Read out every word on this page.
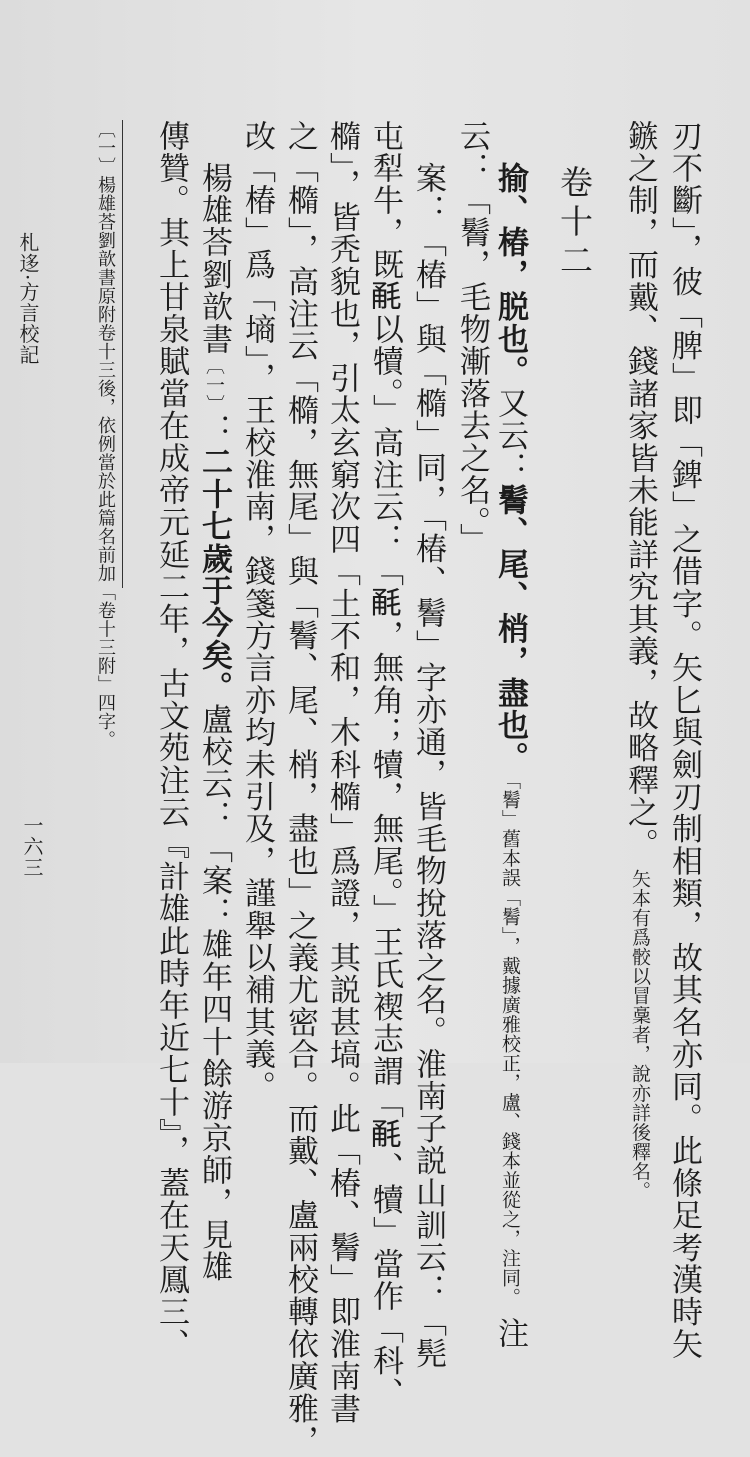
刃不斷」，彼「脾」即「錍」之借字。矢匕與劍刃制相類，故其名亦同。此條足考漢時矢
鏃之制，而戴、錢諸家皆未能詳究其義，故略釋之。矢本有爲骹以冒稾者，說亦詳後釋名。
卷十二
揄、椿，脱也。又云：鬌、尾、梢，盡也。「鬌」舊本誤「鬌」，戴據廣雅校正，盧、錢本並從之，注同。注
云：「鬌，毛物漸落去之名。」
案：「椿」與「橢」同，「椿、鬌」字亦通，皆毛物挩落之名。淮南子説山訓云：「髡
屯犁牛，既𣭲以犢。」高注云：「𣭲，無角；犢，無尾。」王氏褉志謂「𣭲、犢」當作「科、
橢」，皆秃貌也，引太玄窮次四「土不和，木科橢」爲證，其説甚塙。此「椿、鬌」即淮南書
之「橢」，高注云「橢，無尾」與「鬌、尾、梢，盡也」之義尤密合。而戴、盧兩校轉依廣雅，
改「椿」爲「墒」，王校淮南，錢箋方言亦均未引及，謹舉以補其義。
楊雄荅劉歆書〔一〕：二十七歲于今矣。盧校云：「案：雄年四十餘游京師，見雄
傳贊。其上甘泉賦當在成帝元延二年，古文苑注云『計雄此時年近七十』，蓋在天鳳三、
〔一〕楊雄荅劉歆書原附卷十三後，依例當於此篇名前加「卷十三附」四字。
札迻·方言校記
一六三
